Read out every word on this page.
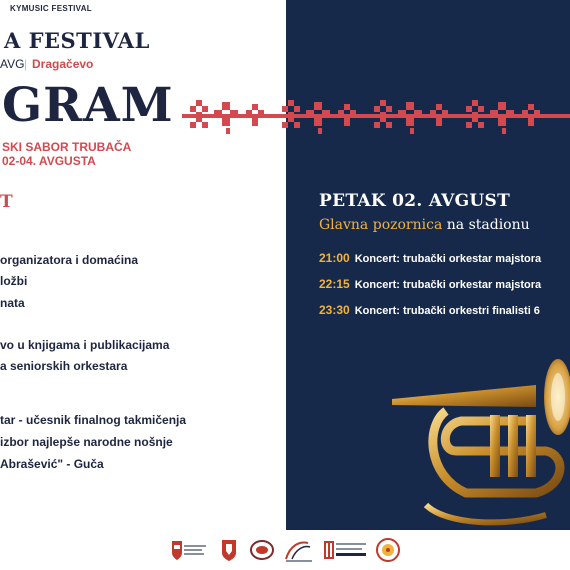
KYMUSIC FESTIVAL
A FESTIVAL
AVG | Dragačevo
GRAM
SKI SABOR TRUBAČA
02-04. AVGUSTA
T
organizatora i domaćina
ložbi
nata
vo u knjigama i publikacijama
a seniorskih orkestara
tar - učesnik finalnog takmičenja
izbor najlepše narodne nošnje
Abrašević" - Guča
PETAK 02. AVGUST
Glavna pozornica na stadionu
21:00 Koncert: trubački orkestar majstora
22:15 Koncert: trubački orkestar majstora
23:30 Koncert: trubački orkestri finalisti 6
